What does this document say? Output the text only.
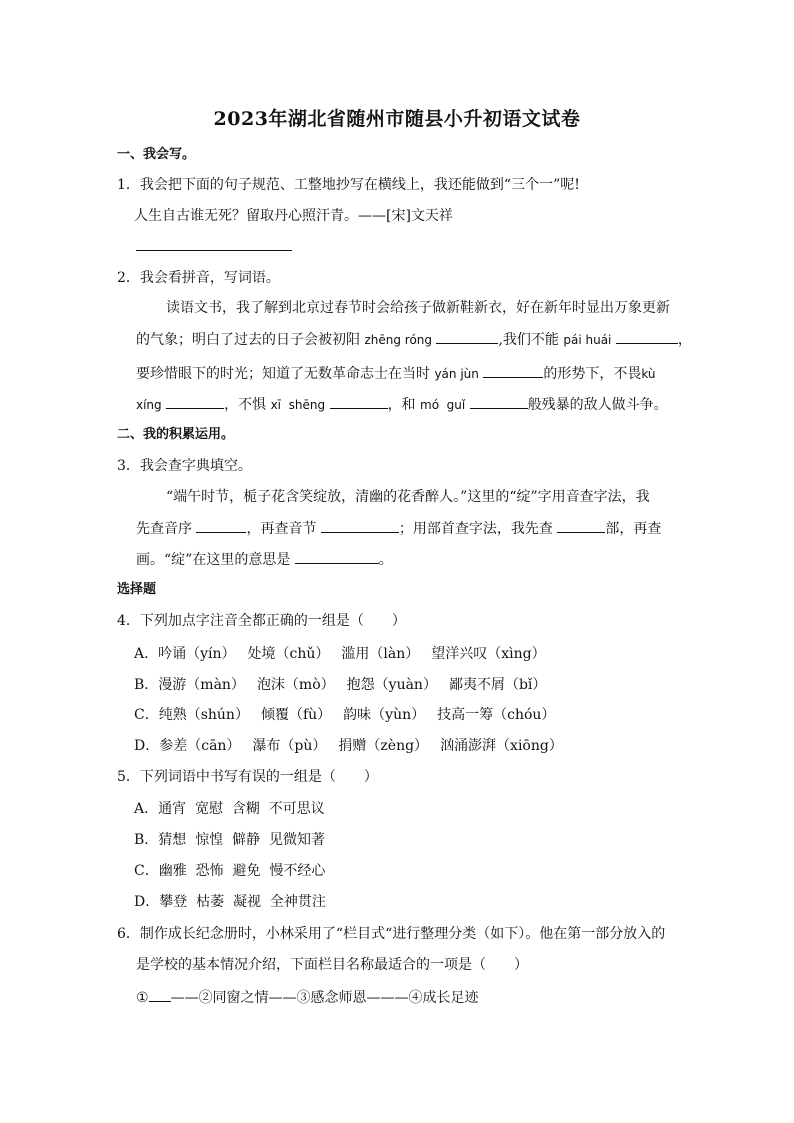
2023年湖北省随州市随县小升初语文试卷
一、我会写。
1．我会把下面的句子规范、工整地抄写在横线上，我还能做到“三个一”呢!
人生自古谁无死？留取丹心照汗青。——[宋]文天祥
2．我会看拼音，写词语。
读语文书，我了解到北京过春节时会给孩子做新鞋新衣，好在新年时显出万象更新
的气象；明白了过去的日子会被初阳 zhēng róng	,我们不能 pái huái	，
要珍惜眼下的时光；知道了无数革命志士在当时 yán jùn	的形势下，不畏kù
xíng	，不惧 xī  shēng	，和 mó  guǐ	般残暴的敌人做斗争。
二、我的积累运用。
3．我会查字典填空。
“端午时节，栀子花含笑绽放，清幽的花香醉人。”这里的“绽”字用音查字法，我
先查音序	，再查音节	；用部首查字法，我先查	部，再查
画。“绽”在这里的意思是	。
选择题
4．下列加点字注音全都正确的一组是（　　）
A．吟诵（yín） 处境（chǔ） 滥用（làn） 望洋兴叹（xìng）
B．漫游（màn） 泡沫（mò） 抱怨（yuàn） 鄙夷不屑（bǐ）
C．纯熟（shún） 倾覆（fù） 韵味（yùn） 技高一筹（chóu）
D．参差（cān） 瀑布（pù） 捐赠（zèng） 汹涌澎湃（xiōng）
5．下列词语中书写有误的一组是（　　）
A．通宵  宽慰  含糊  不可思议
B．猜想  惊惶  僻静  见微知著
C．幽雅  恐怖  避免  慢不经心
D．攀登  枯萎  凝视  全神贯注
6．制作成长纪念册时，小林采用了“栏目式“进行整理分类（如下）。他在第一部分放入的
是学校的基本情况介绍，下面栏目名称最适合的一项是（　　）
① ——②同窗之情——③感念师恩———④成长足迹
